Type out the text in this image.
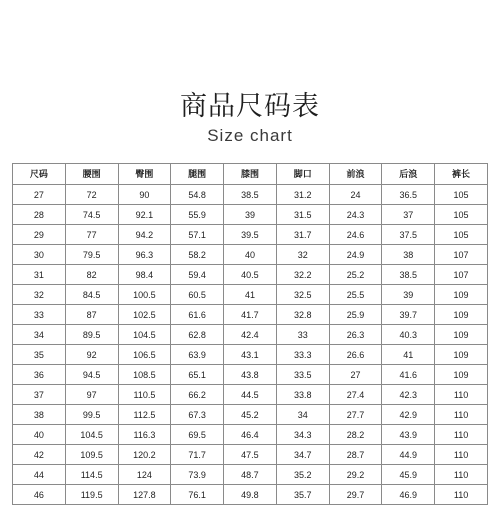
商品尺码表
Size chart
尺码	腰围	臀围	腿围	膝围	脚口	前浪	后浪	裤长
27	72	90	54.8	38.5	31.2	24	36.5	105
28	74.5	92.1	55.9	39	31.5	24.3	37	105
29	77	94.2	57.1	39.5	31.7	24.6	37.5	105
30	79.5	96.3	58.2	40	32	24.9	38	107
31	82	98.4	59.4	40.5	32.2	25.2	38.5	107
32	84.5	100.5	60.5	41	32.5	25.5	39	109
33	87	102.5	61.6	41.7	32.8	25.9	39.7	109
34	89.5	104.5	62.8	42.4	33	26.3	40.3	109
35	92	106.5	63.9	43.1	33.3	26.6	41	109
36	94.5	108.5	65.1	43.8	33.5	27	41.6	109
37	97	110.5	66.2	44.5	33.8	27.4	42.3	110
38	99.5	112.5	67.3	45.2	34	27.7	42.9	110
40	104.5	116.3	69.5	46.4	34.3	28.2	43.9	110
42	109.5	120.2	71.7	47.5	34.7	28.7	44.9	110
44	114.5	124	73.9	48.7	35.2	29.2	45.9	110
46	119.5	127.8	76.1	49.8	35.7	29.7	46.9	110
